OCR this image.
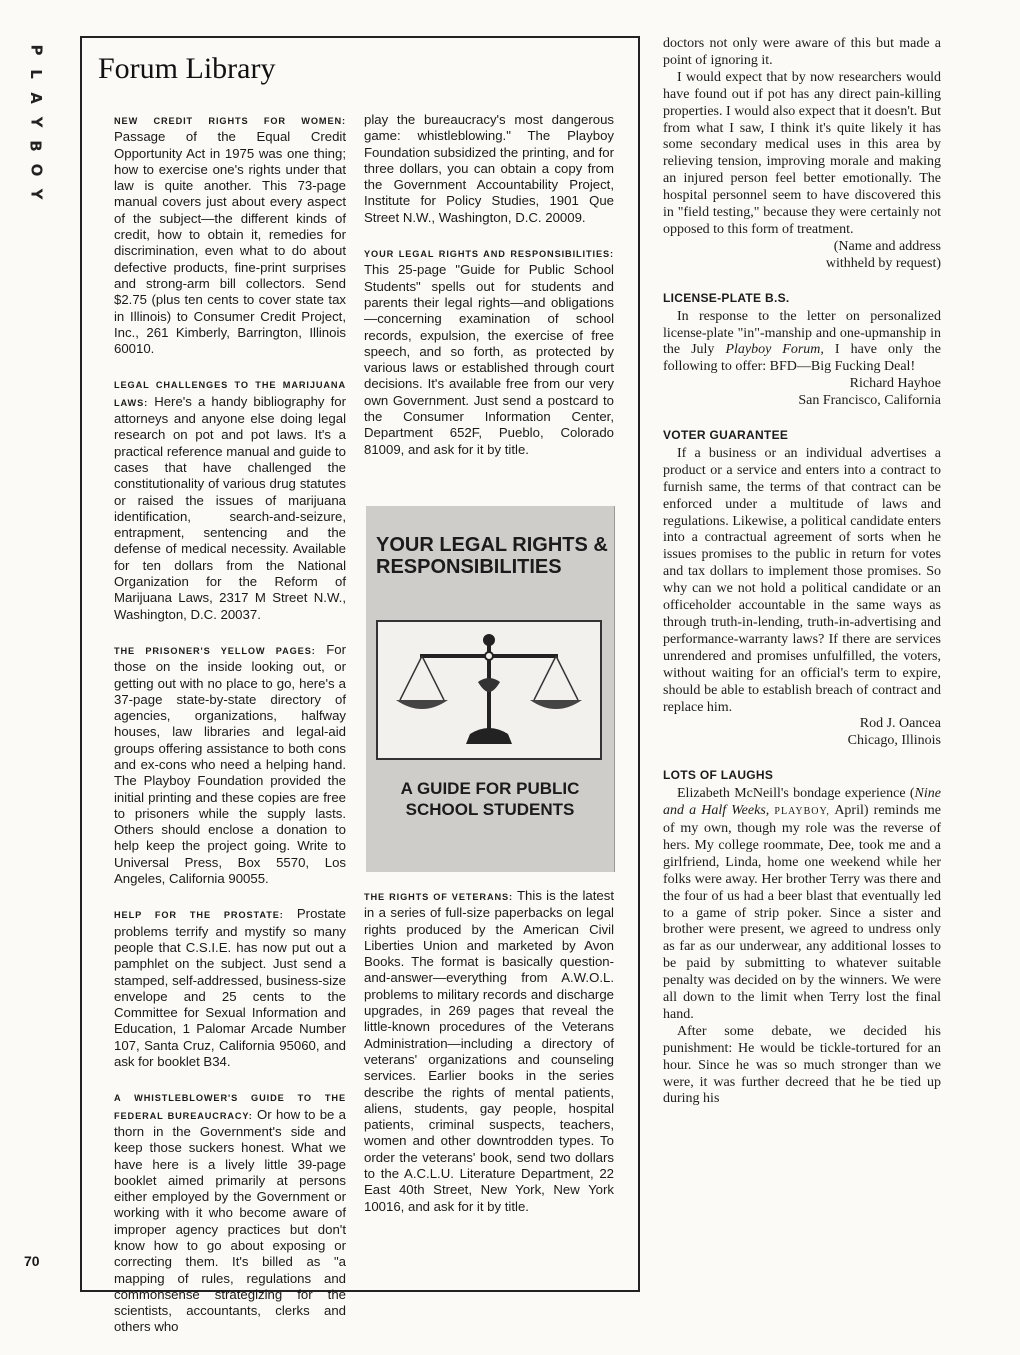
P
L
A
Y
B
O
Y
70
Forum Library

NEW CREDIT RIGHTS FOR WOMEN: Passage of the Equal Credit Opportunity Act in 1975 was one thing; how to exercise one's rights under that law is quite another. This 73-page manual covers just about every aspect of the subject—the different kinds of credit, how to obtain it, remedies for discrimination, even what to do about defective products, fine-print surprises and strong-arm bill collectors. Send $2.75 (plus ten cents to cover state tax in Illinois) to Consumer Credit Project, Inc., 261 Kimberly, Barrington, Illinois 60010.

LEGAL CHALLENGES TO THE MARIJUANA LAWS: Here's a handy bibliography for attorneys and anyone else doing legal research on pot and pot laws. It's a practical reference manual and guide to cases that have challenged the constitutionality of various drug statutes or raised the issues of marijuana identification, search-and-seizure, entrapment, sentencing and the defense of medical necessity. Available for ten dollars from the National Organization for the Reform of Marijuana Laws, 2317 M Street N.W., Washington, D.C. 20037.

THE PRISONER'S YELLOW PAGES: For those on the inside looking out, or getting out with no place to go, here's a 37-page state-by-state directory of agencies, organizations, halfway houses, law libraries and legal-aid groups offering assistance to both cons and ex-cons who need a helping hand. The Playboy Foundation provided the initial printing and these copies are free to prisoners while the supply lasts. Others should enclose a donation to help keep the project going. Write to Universal Press, Box 5570, Los Angeles, California 90055.

HELP FOR THE PROSTATE: Prostate problems terrify and mystify so many people that C.S.I.E. has now put out a pamphlet on the subject. Just send a stamped, self-addressed, business-size envelope and 25 cents to the Committee for Sexual Information and Education, 1 Palomar Arcade Number 107, Santa Cruz, California 95060, and ask for booklet B34.

A WHISTLEBLOWER'S GUIDE TO THE FEDERAL BUREAUCRACY: Or how to be a thorn in the Government's side and keep those suckers honest. What we have here is a lively little 39-page booklet aimed primarily at persons either employed by the Government or working with it who become aware of improper agency practices but don't know how to go about exposing or correcting them. It's billed as "a mapping of rules, regulations and commonsense strategizing for the scientists, accountants, clerks and others who

play the bureaucracy's most dangerous game: whistleblowing." The Playboy Foundation subsidized the printing, and for three dollars, you can obtain a copy from the Government Accountability Project, Institute for Policy Studies, 1901 Que Street N.W., Washington, D.C. 20009.

YOUR LEGAL RIGHTS AND RESPONSIBILITIES: This 25-page "Guide for Public School Students" spells out for students and parents their legal rights—and obligations—concerning examination of school records, expulsion, the exercise of free speech, and so forth, as protected by various laws or established through court decisions. It's available free from our very own Government. Just send a postcard to the Consumer Information Center, Department 652F, Pueblo, Colorado 81009, and ask for it by title.

YOUR LEGAL RIGHTS & RESPONSIBILITIES
A GUIDE FOR PUBLIC SCHOOL STUDENTS

THE RIGHTS OF VETERANS: This is the latest in a series of full-size paperbacks on legal rights produced by the American Civil Liberties Union and marketed by Avon Books. The format is basically question-and-answer—everything from A.W.O.L. problems to military records and discharge upgrades, in 269 pages that reveal the little-known procedures of the Veterans Administration—including a directory of veterans' organizations and counseling services. Earlier books in the series describe the rights of mental patients, aliens, students, gay people, hospital patients, criminal suspects, teachers, women and other downtrodden types. To order the veterans' book, send two dollars to the A.C.L.U. Literature Department, 22 East 40th Street, New York, New York 10016, and ask for it by title.

doctors not only were aware of this but made a point of ignoring it.

I would expect that by now researchers would have found out if pot has any direct pain-killing properties. I would also expect that it doesn't. But from what I saw, I think it's quite likely it has some secondary medical uses in this area by relieving tension, improving morale and making an injured person feel better emotionally. The hospital personnel seem to have discovered this in "field testing," because they were certainly not opposed to this form of treatment.

(Name and address
withheld by request)
LICENSE-PLATE B.S.

In response to the letter on personalized license-plate "in"-manship and one-upmanship in the July Playboy Forum, I have only the following to offer: BFD—Big Fucking Deal!

Richard Hayhoe
San Francisco, California
VOTER GUARANTEE

If a business or an individual advertises a product or a service and enters into a contract to furnish same, the terms of that contract can be enforced under a multitude of laws and regulations. Likewise, a political candidate enters into a contractual agreement of sorts when he issues promises to the public in return for votes and tax dollars to implement those promises. So why can we not hold a political candidate or an officeholder accountable in the same ways as through truth-in-lending, truth-in-advertising and performance-warranty laws? If there are services unrendered and promises unfulfilled, the voters, without waiting for an official's term to expire, should be able to establish breach of contract and replace him.

Rod J. Oancea
Chicago, Illinois
LOTS OF LAUGHS

Elizabeth McNeill's bondage experience (Nine and a Half Weeks, PLAYBOY, April) reminds me of my own, though my role was the reverse of hers. My college roommate, Dee, took me and a girlfriend, Linda, home one weekend while her folks were away. Her brother Terry was there and the four of us had a beer blast that eventually led to a game of strip poker. Since a sister and brother were present, we agreed to undress only as far as our underwear, any additional losses to be paid by submitting to whatever suitable penalty was decided on by the winners. We were all down to the limit when Terry lost the final hand.

After some debate, we decided his punishment: He would be tickle-tortured for an hour. Since he was so much stronger than we were, it was further decreed that he be tied up during his
